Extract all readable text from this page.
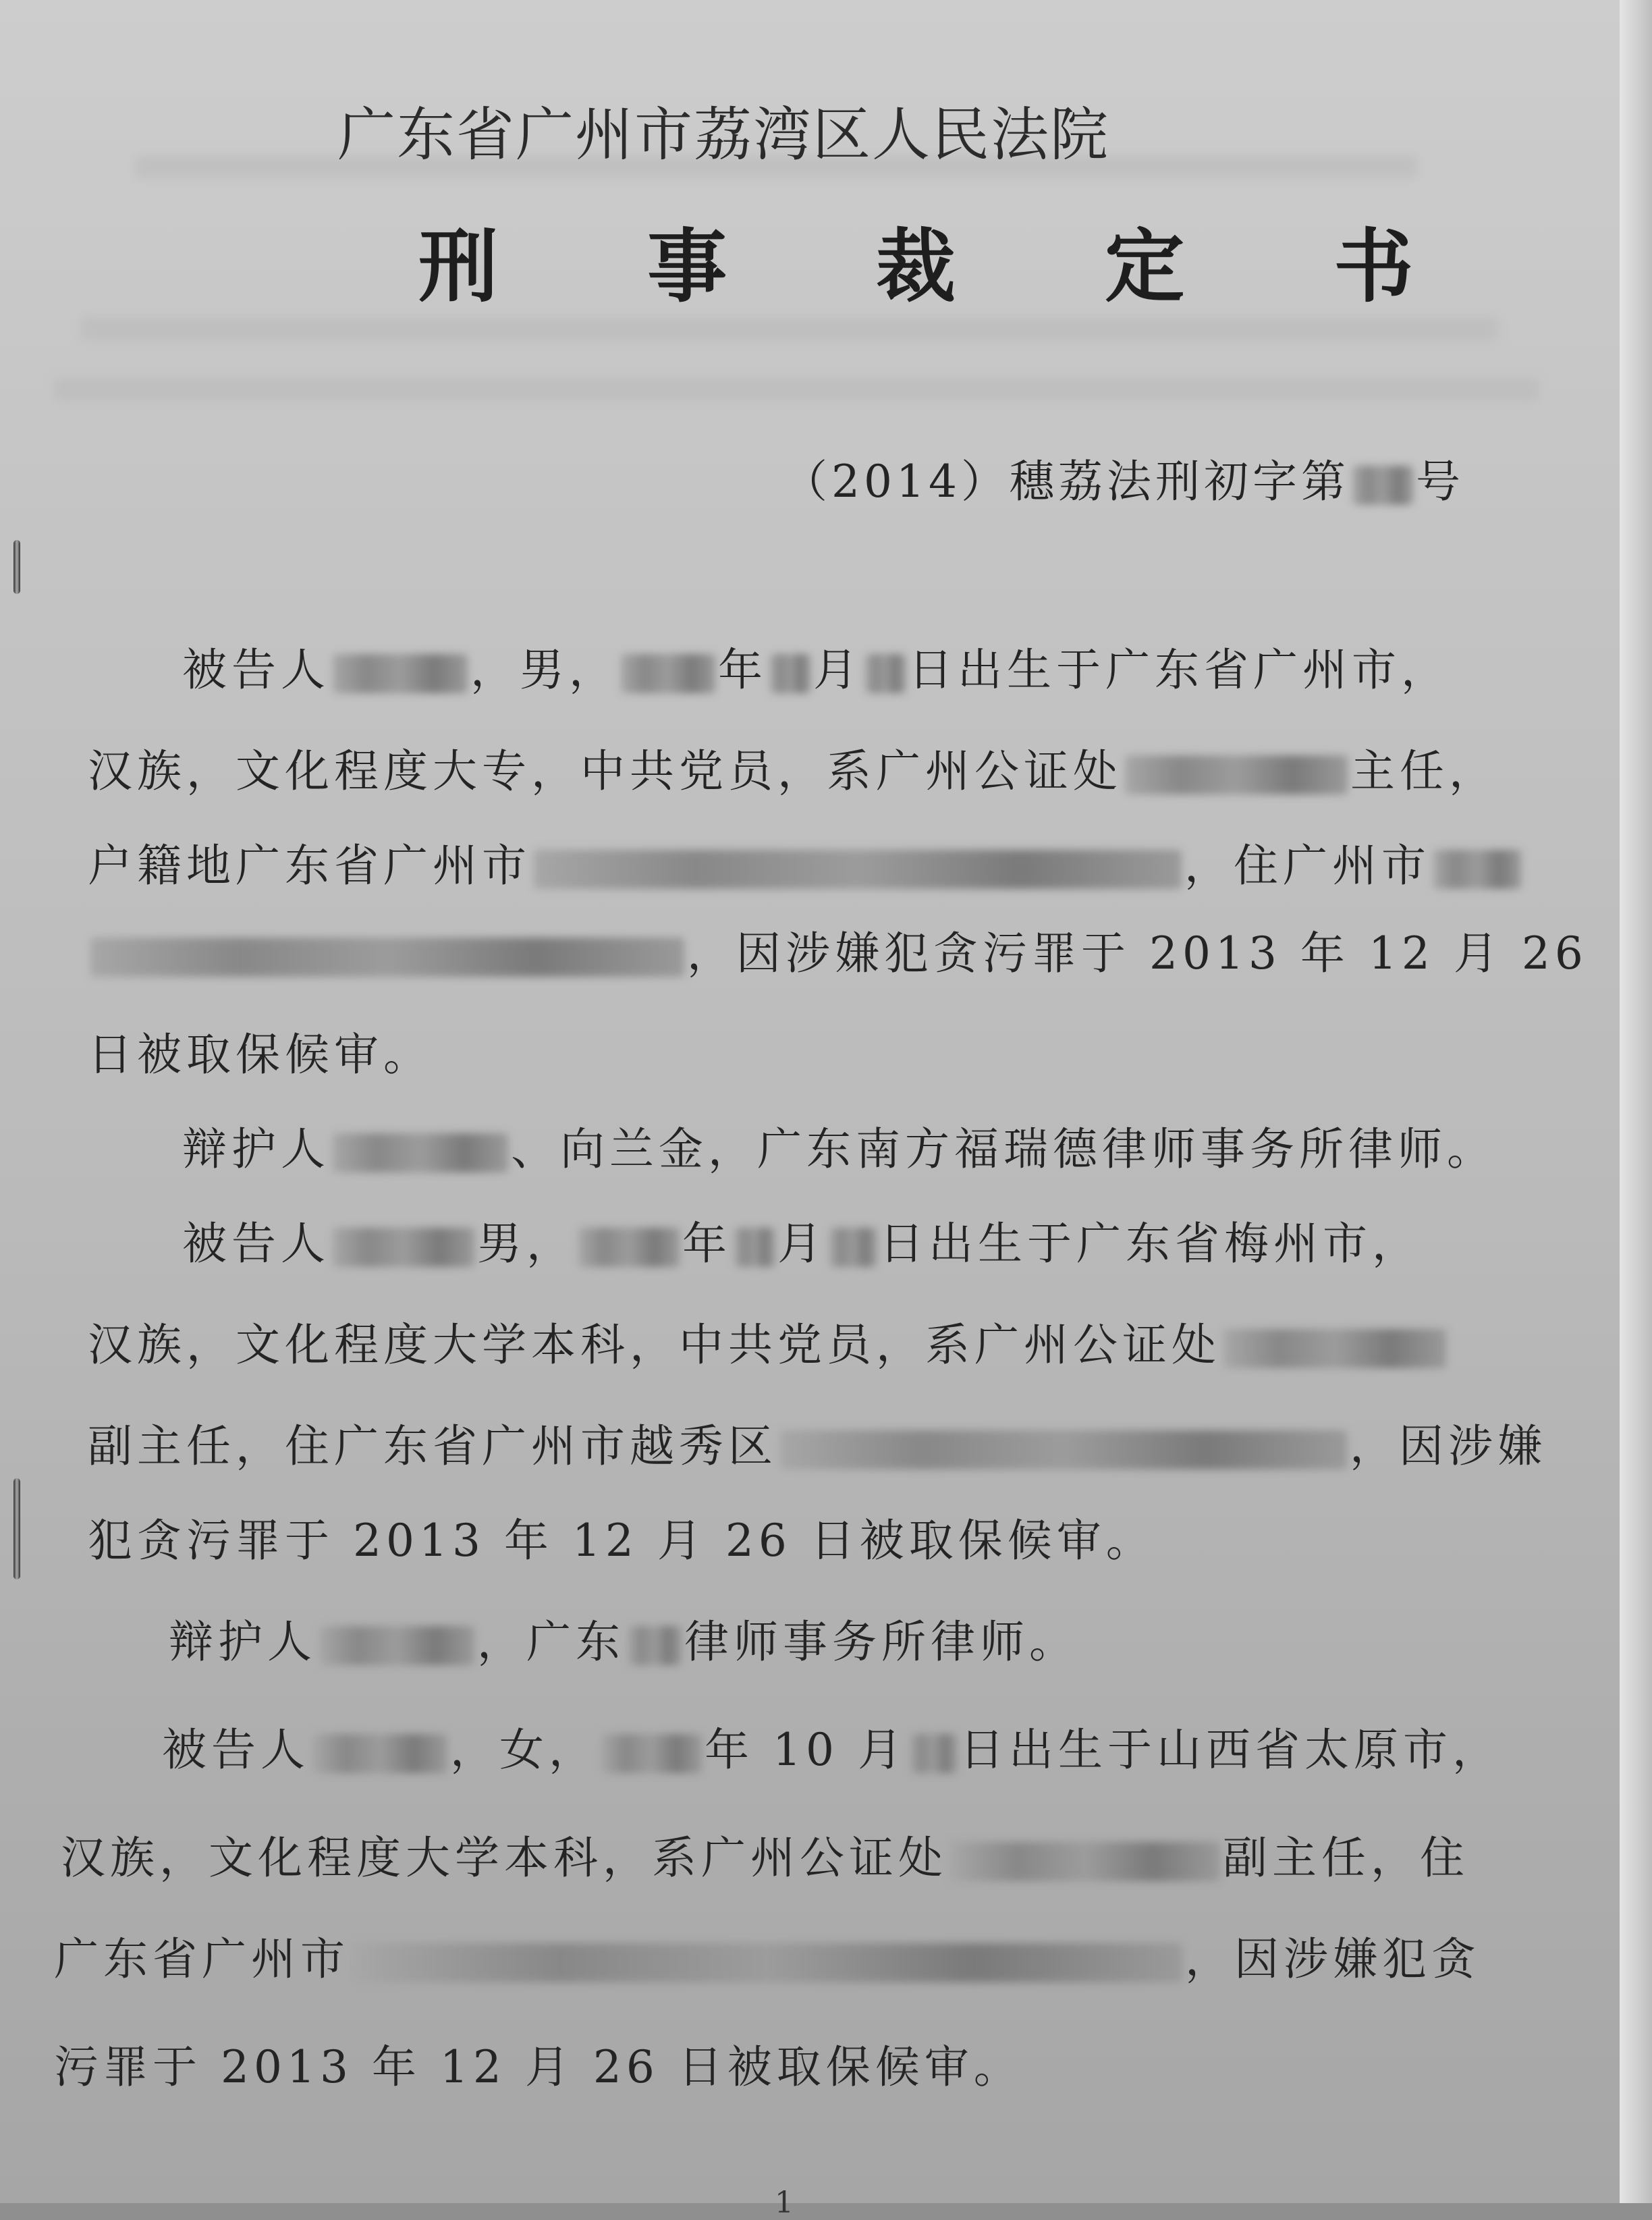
广东省广州市荔湾区人民法院
刑 事 裁 定 书
（2014）穗荔法刑初字第 号
被告人	，男， 年 月 日出生于广东省广州市，
汉族，文化程度大专，中共党员，系广州公证处	主任，
户籍地广东省广州市	，住广州市
，因涉嫌犯贪污罪于 2013 年 12 月 26
日被取保候审。
辩护人	、向兰金，广东南方福瑞德律师事务所律师。
被告人	男， 年 月 日出生于广东省梅州市，
汉族，文化程度大学本科，中共党员，系广州公证处
副主任，住广东省广州市越秀区	，因涉嫌
犯贪污罪于 2013 年 12 月 26 日被取保候审。
辩护人	，广东 律师事务所律师。
被告人	，女， 年 10 月 日出生于山西省太原市，
汉族，文化程度大学本科，系广州公证处	副主任，住
广东省广州市	，因涉嫌犯贪
污罪于 2013 年 12 月 26 日被取保候审。
1
